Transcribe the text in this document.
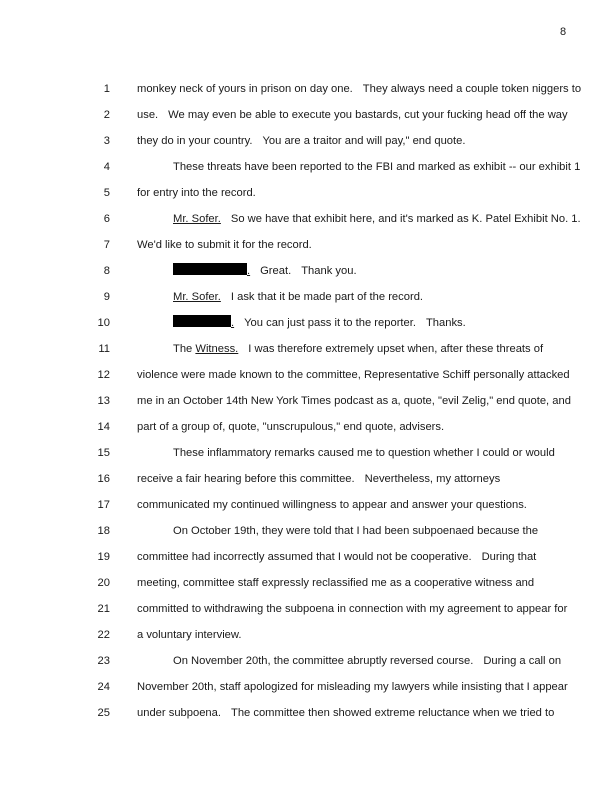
8
1 monkey neck of yours in prison on day one. They always need a couple token niggers to
2 use. We may even be able to execute you bastards, cut your fucking head off the way
3 they do in your country. You are a traitor and will pay," end quote.
4	These threats have been reported to the FBI and marked as exhibit -- our exhibit 1
5 for entry into the record.
6	Mr. Sofer. So we have that exhibit here, and it's marked as K. Patel Exhibit No. 1.
7 We'd like to submit it for the record.
8	. Great. Thank you.
9	Mr. Sofer. I ask that it be made part of the record.
10	. You can just pass it to the reporter. Thanks.
11	The Witness. I was therefore extremely upset when, after these threats of
12 violence were made known to the committee, Representative Schiff personally attacked
13 me in an October 14th New York Times podcast as a, quote, "evil Zelig," end quote, and
14 part of a group of, quote, "unscrupulous," end quote, advisers.
15	These inflammatory remarks caused me to question whether I could or would
16 receive a fair hearing before this committee. Nevertheless, my attorneys
17 communicated my continued willingness to appear and answer your questions.
18	On October 19th, they were told that I had been subpoenaed because the
19 committee had incorrectly assumed that I would not be cooperative. During that
20 meeting, committee staff expressly reclassified me as a cooperative witness and
21 committed to withdrawing the subpoena in connection with my agreement to appear for
22 a voluntary interview.
23	On November 20th, the committee abruptly reversed course. During a call on
24 November 20th, staff apologized for misleading my lawyers while insisting that I appear
25 under subpoena. The committee then showed extreme reluctance when we tried to
